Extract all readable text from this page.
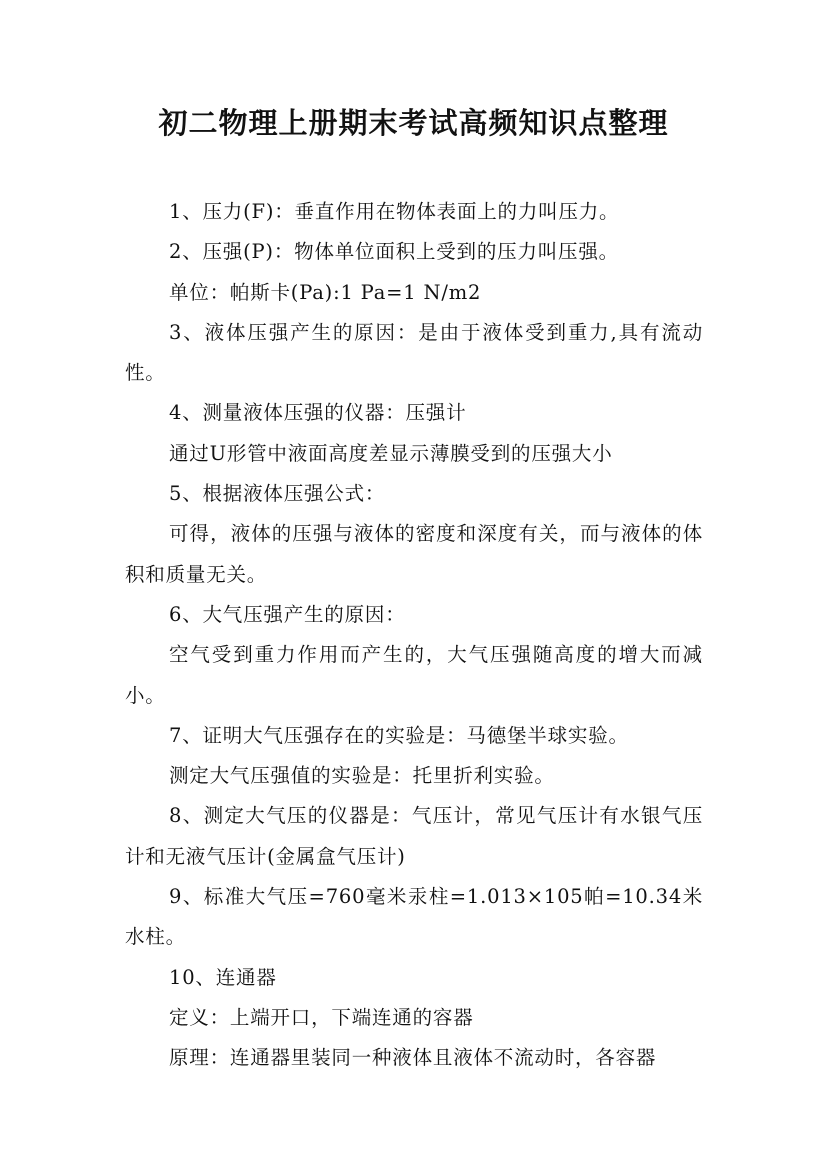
初二物理上册期末考试高频知识点整理

1、压力(F)：垂直作用在物体表面上的力叫压力。

2、压强(P)：物体单位面积上受到的压力叫压强。

单位：帕斯卡(Pa):1 Pa=1 N/m2

3、液体压强产生的原因：是由于液体受到重力,具有流动性。

4、测量液体压强的仪器：压强计

通过U形管中液面高度差显示薄膜受到的压强大小

5、根据液体压强公式：

可得，液体的压强与液体的密度和深度有关，而与液体的体积和质量无关。

6、大气压强产生的原因：

空气受到重力作用而产生的，大气压强随高度的增大而减小。

7、证明大气压强存在的实验是：马德堡半球实验。

测定大气压强值的实验是：托里折利实验。

8、测定大气压的仪器是：气压计，常见气压计有水银气压计和无液气压计(金属盒气压计)

9、标准大气压=760毫米汞柱=1.013×105帕=10.34米水柱。

10、连通器

定义：上端开口，下端连通的容器

原理：连通器里装同一种液体且液体不流动时，各容器
